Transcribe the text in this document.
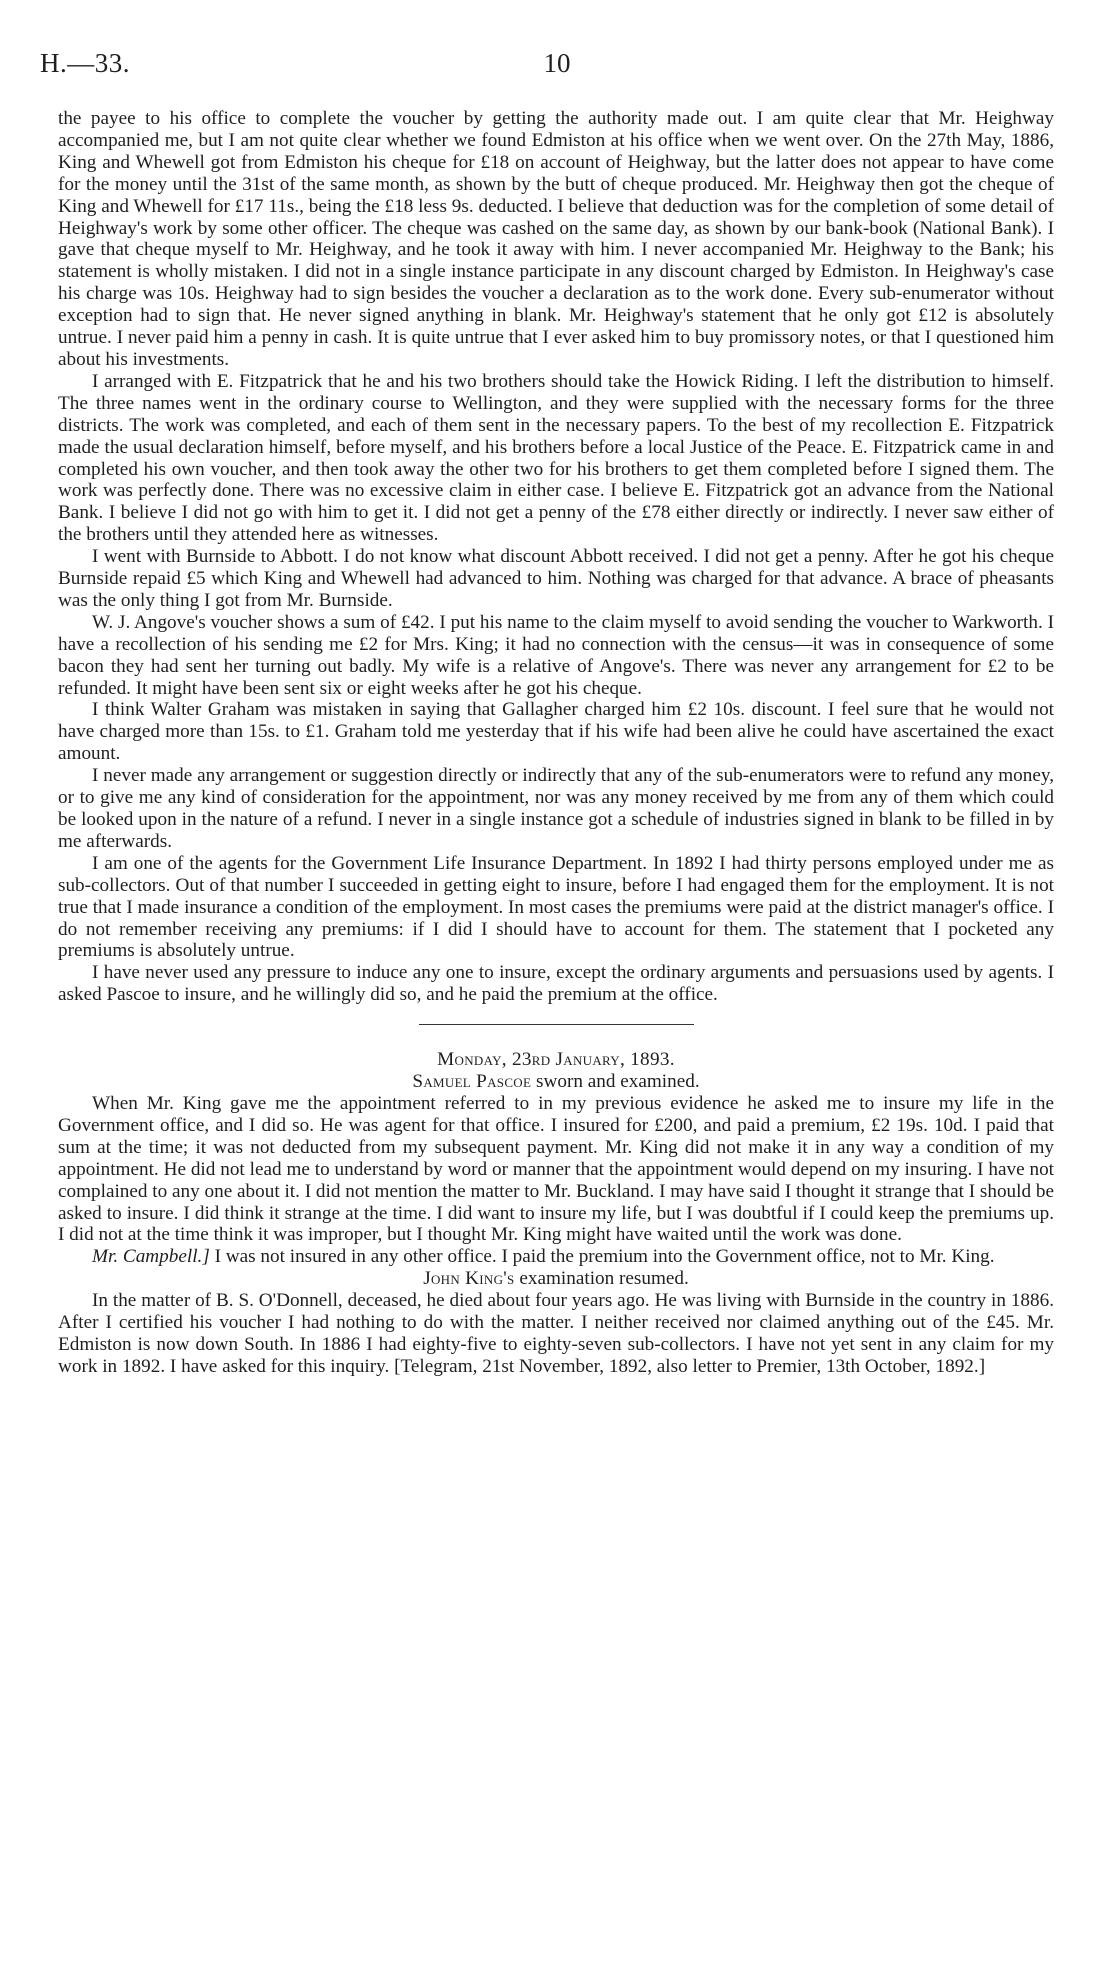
H.—33.	10

the payee to his office to complete the voucher by getting the authority made out. I am quite clear that Mr. Heighway accompanied me, but I am not quite clear whether we found Edmiston at his office when we went over. On the 27th May, 1886, King and Whewell got from Edmiston his cheque for £18 on account of Heighway, but the latter does not appear to have come for the money until the 31st of the same month, as shown by the butt of cheque produced. Mr. Heighway then got the cheque of King and Whewell for £17 11s., being the £18 less 9s. deducted. I believe that deduction was for the completion of some detail of Heighway's work by some other officer. The cheque was cashed on the same day, as shown by our bank-book (National Bank). I gave that cheque myself to Mr. Heighway, and he took it away with him. I never accompanied Mr. Heighway to the Bank; his statement is wholly mistaken. I did not in a single instance participate in any discount charged by Edmiston. In Heighway's case his charge was 10s. Heighway had to sign besides the voucher a declaration as to the work done. Every sub-enumerator without exception had to sign that. He never signed anything in blank. Mr. Heighway's statement that he only got £12 is absolutely untrue. I never paid him a penny in cash. It is quite untrue that I ever asked him to buy promissory notes, or that I questioned him about his investments.

I arranged with E. Fitzpatrick that he and his two brothers should take the Howick Riding. I left the distribution to himself. The three names went in the ordinary course to Wellington, and they were supplied with the necessary forms for the three districts. The work was completed, and each of them sent in the necessary papers. To the best of my recollection E. Fitzpatrick made the usual declaration himself, before myself, and his brothers before a local Justice of the Peace. E. Fitzpatrick came in and completed his own voucher, and then took away the other two for his brothers to get them completed before I signed them. The work was perfectly done. There was no excessive claim in either case. I believe E. Fitzpatrick got an advance from the National Bank. I believe I did not go with him to get it. I did not get a penny of the £78 either directly or indirectly. I never saw either of the brothers until they attended here as witnesses.

I went with Burnside to Abbott. I do not know what discount Abbott received. I did not get a penny. After he got his cheque Burnside repaid £5 which King and Whewell had advanced to him. Nothing was charged for that advance. A brace of pheasants was the only thing I got from Mr. Burnside.

W. J. Angove's voucher shows a sum of £42. I put his name to the claim myself to avoid sending the voucher to Warkworth. I have a recollection of his sending me £2 for Mrs. King; it had no connection with the census—it was in consequence of some bacon they had sent her turning out badly. My wife is a relative of Angove's. There was never any arrangement for £2 to be refunded. It might have been sent six or eight weeks after he got his cheque.

I think Walter Graham was mistaken in saying that Gallagher charged him £2 10s. discount. I feel sure that he would not have charged more than 15s. to £1. Graham told me yesterday that if his wife had been alive he could have ascertained the exact amount.

I never made any arrangement or suggestion directly or indirectly that any of the sub-enumerators were to refund any money, or to give me any kind of consideration for the appointment, nor was any money received by me from any of them which could be looked upon in the nature of a refund. I never in a single instance got a schedule of industries signed in blank to be filled in by me afterwards.

I am one of the agents for the Government Life Insurance Department. In 1892 I had thirty persons employed under me as sub-collectors. Out of that number I succeeded in getting eight to insure, before I had engaged them for the employment. It is not true that I made insurance a condition of the employment. In most cases the premiums were paid at the district manager's office. I do not remember receiving any premiums: if I did I should have to account for them. The statement that I pocketed any premiums is absolutely untrue.

I have never used any pressure to induce any one to insure, except the ordinary arguments and persuasions used by agents. I asked Pascoe to insure, and he willingly did so, and he paid the premium at the office.

Monday, 23rd January, 1893.

Samuel Pascoe sworn and examined.

When Mr. King gave me the appointment referred to in my previous evidence he asked me to insure my life in the Government office, and I did so. He was agent for that office. I insured for £200, and paid a premium, £2 19s. 10d. I paid that sum at the time; it was not deducted from my subsequent payment. Mr. King did not make it in any way a condition of my appointment. He did not lead me to understand by word or manner that the appointment would depend on my insuring. I have not complained to any one about it. I did not mention the matter to Mr. Buckland. I may have said I thought it strange that I should be asked to insure. I did think it strange at the time. I did want to insure my life, but I was doubtful if I could keep the premiums up. I did not at the time think it was improper, but I thought Mr. King might have waited until the work was done.

Mr. Campbell.] I was not insured in any other office. I paid the premium into the Government office, not to Mr. King.

John King's examination resumed.

In the matter of B. S. O'Donnell, deceased, he died about four years ago. He was living with Burnside in the country in 1886. After I certified his voucher I had nothing to do with the matter. I neither received nor claimed anything out of the £45. Mr. Edmiston is now down South. In 1886 I had eighty-five to eighty-seven sub-collectors. I have not yet sent in any claim for my work in 1892. I have asked for this inquiry. [Telegram, 21st November, 1892, also letter to Premier, 13th October, 1892.]
